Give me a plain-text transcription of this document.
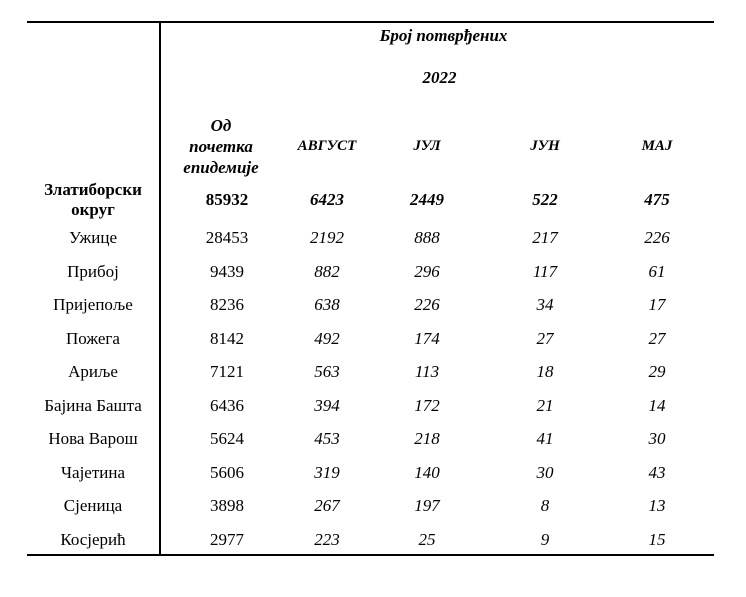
Број потврђених
2022
Од
почетка
епидемије
АВГУСТ	ЈУЛ	ЈУН	МАЈ
Златиборски
округ
85932	6423	2449	522	475
Ужице	28453	2192	888	217	226
Прибој	9439	882	296	117	61
Пријепоље	8236	638	226	34	17
Пожега	8142	492	174	27	27
Ариље	7121	563	113	18	29
Бајина Башта	6436	394	172	21	14
Нова Варош	5624	453	218	41	30
Чајетина	5606	319	140	30	43
Сјеница	3898	267	197	8	13
Косјерић	2977	223	25	9	15
